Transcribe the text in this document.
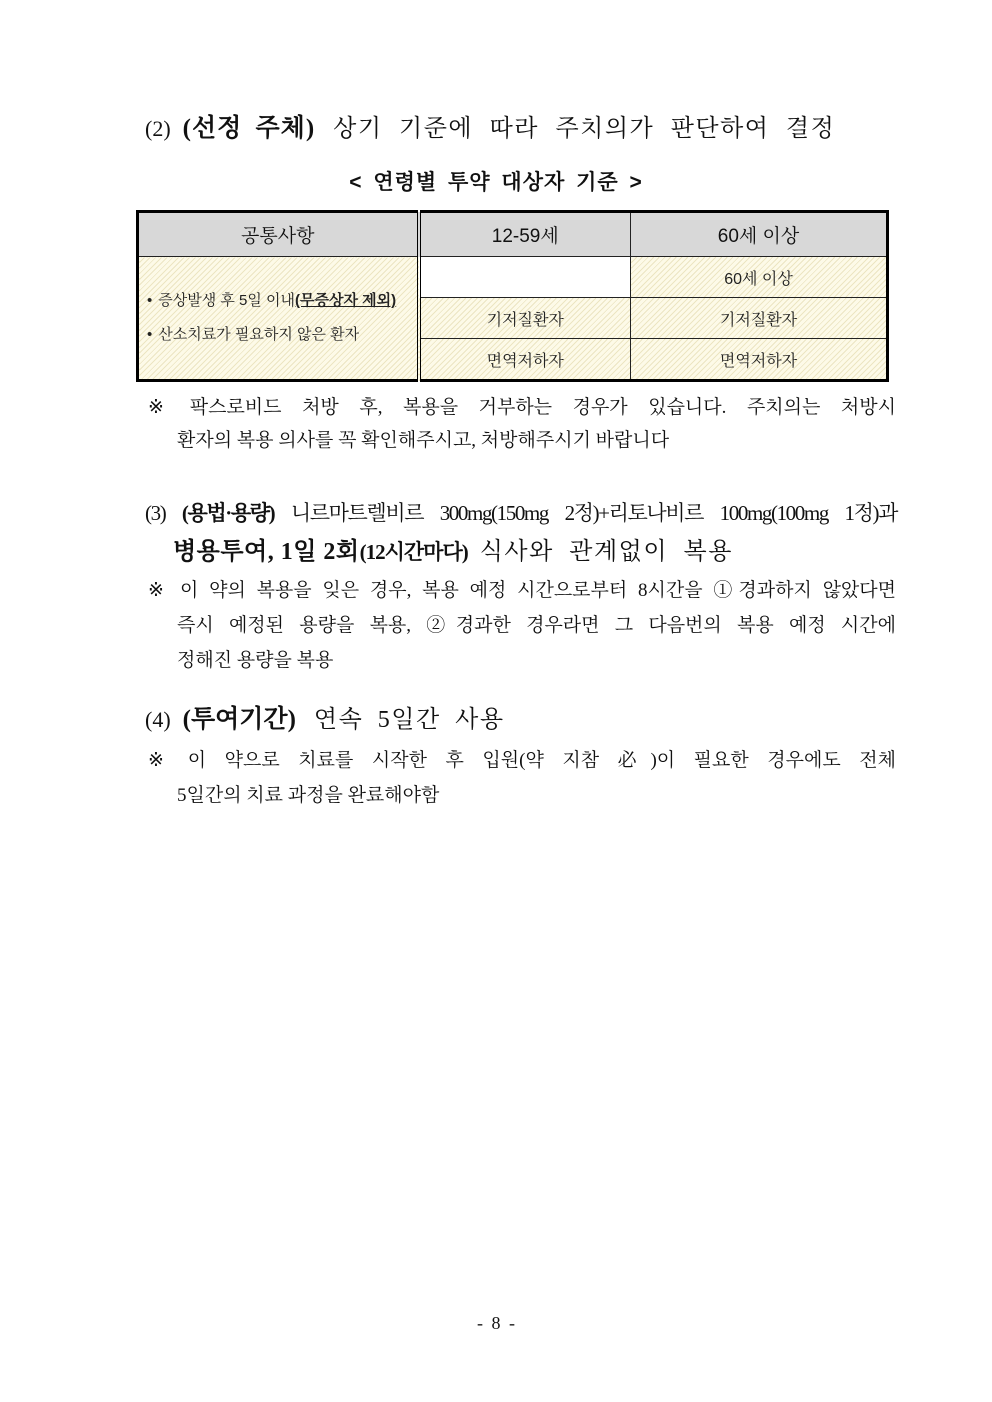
(2) (선정 주체) 상기 기준에 따라 주치의가 판단하여 결정
< 연령별 투약 대상자 기준 >
공통사항	12-59세	60세 이상

• 증상발생 후 5일 이내(무증상자 제외)
• 산소치료가 필요하지 않은 환자		60세 이상
	기저질환자	기저질환자
	면역저하자	면역저하자
※ 팍스로비드 처방 후, 복용을 거부하는 경우가 있습니다. 주치의는 처방시
환자의 복용 의사를 꼭 확인해주시고, 처방해주시기 바랍니다
(3) (용법·용량) 니르마트렐비르 300mg(150mg 2정)+리토나비르 100mg(100mg 1정)과
병용투여, 1일 2회(12시간마다) 식사와 관계없이 복용
※ 이 약의 복용을 잊은 경우, 복용 예정 시간으로부터 8시간을 ①경과하지 않았다면
즉시 예정된 용량을 복용, ②경과한 경우라면 그 다음번의 복용 예정 시간에
정해진 용량을 복용
(4) (투여기간) 연속 5일간 사용
※ 이 약으로 치료를 시작한 후 입원(약 지참 必)이 필요한 경우에도 전체
5일간의 치료 과정을 완료해야함
- 8 -
